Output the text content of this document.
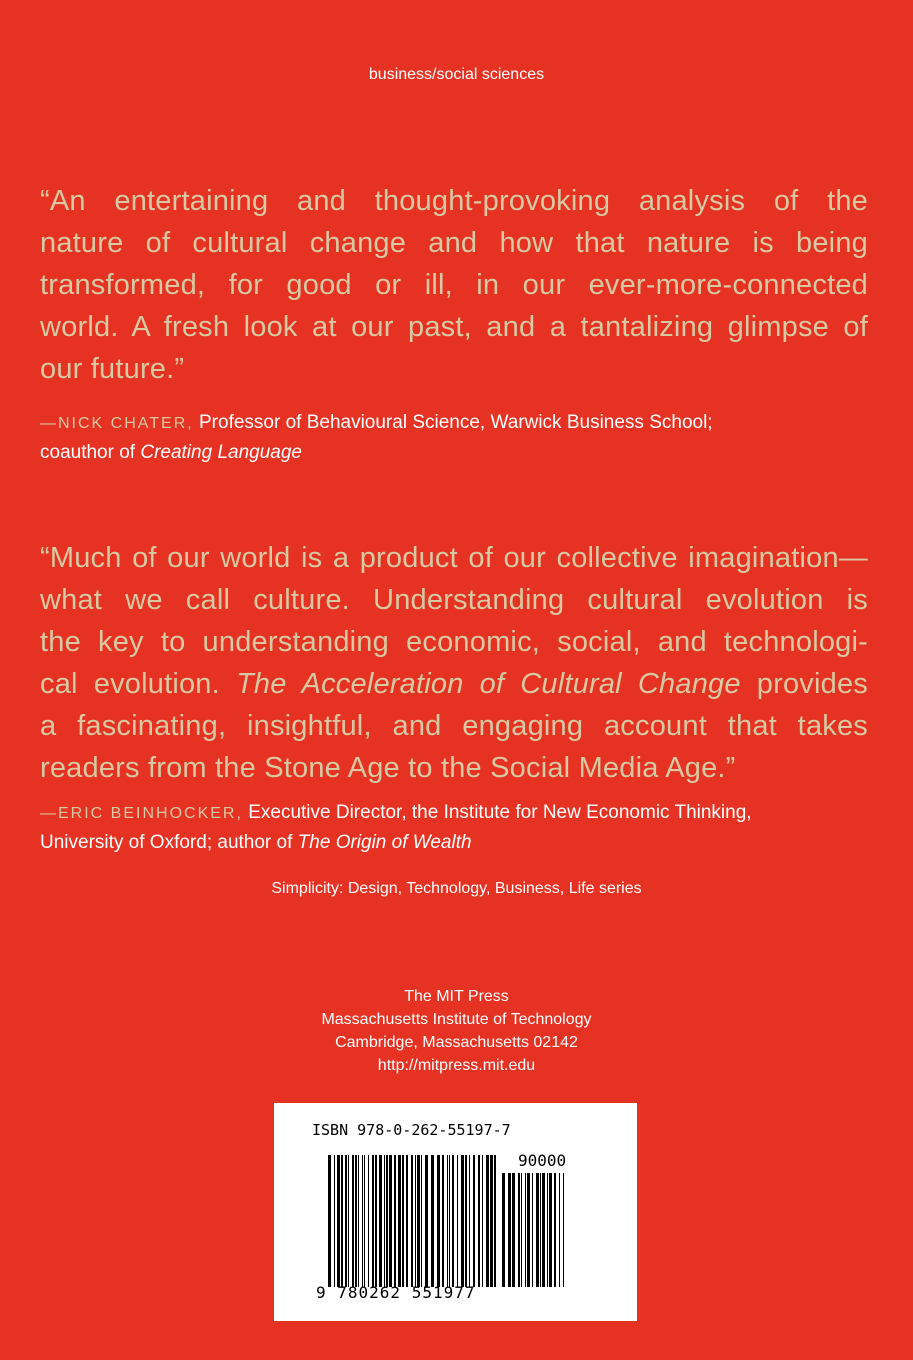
business/social sciences
“An entertaining and thought-provoking analysis of the
nature of cultural change and how that nature is being
transformed, for good or ill, in our ever-more-connected
world. A fresh look at our past, and a tantalizing glimpse of
our future.”
—NICK CHATER, Professor of Behavioural Science, Warwick Business School;
coauthor of Creating Language
“Much of our world is a product of our collective imagination—
what we call culture. Understanding cultural evolution is
the key to understanding economic, social, and technologi-
cal evolution. The Acceleration of Cultural Change provides
a fascinating, insightful, and engaging account that takes
readers from the Stone Age to the Social Media Age.”
—ERIC BEINHOCKER, Executive Director, the Institute for New Economic Thinking,
University of Oxford; author of The Origin of Wealth
Simplicity: Design, Technology, Business, Life series
The MIT Press
Massachusetts Institute of Technology
Cambridge, Massachusetts 02142
http://mitpress.mit.edu
ISBN 978-0-262-55197-7
90000
9 780262 551977
